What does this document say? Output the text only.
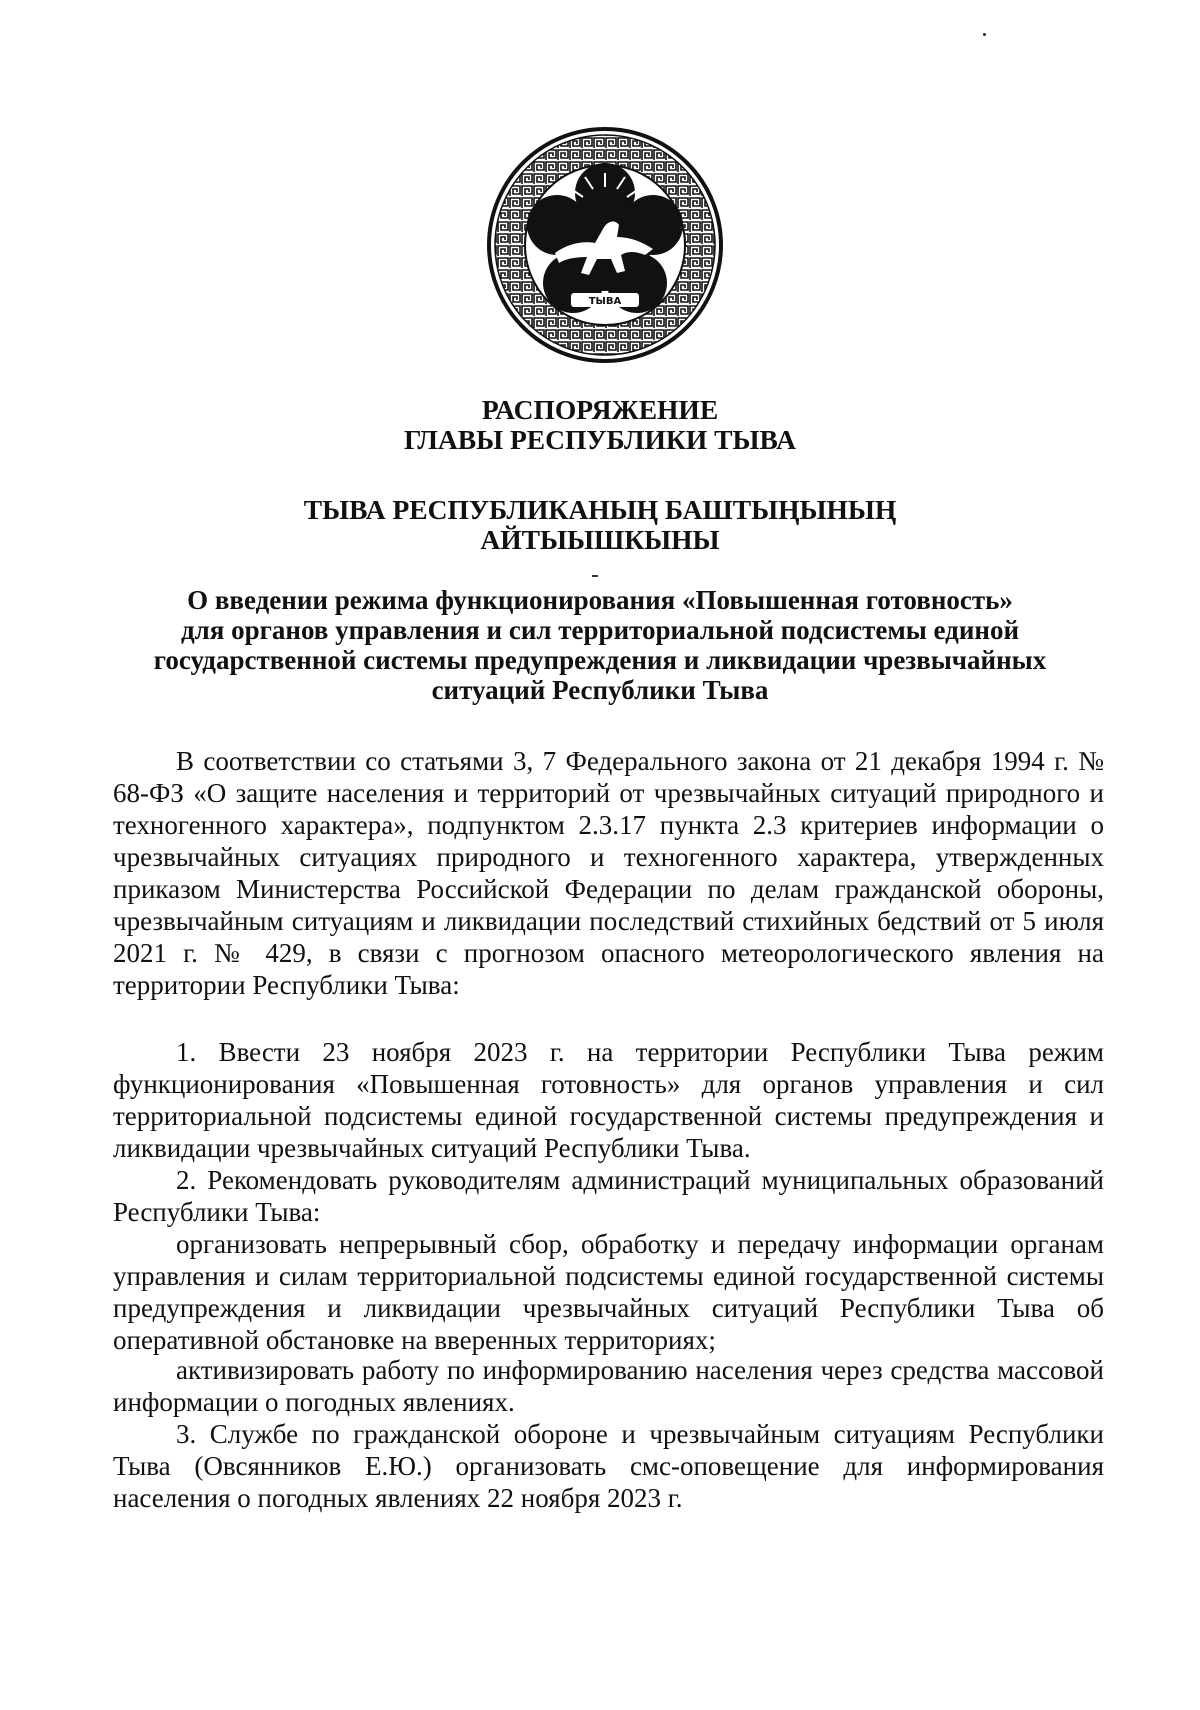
ТЫВА
РАСПОРЯЖЕНИЕ
ГЛАВЫ РЕСПУБЛИКИ ТЫВА
ТЫВА РЕСПУБЛИКАНЫҢ БАШТЫҢЫНЫҢ
АЙТЫЫШКЫНЫ
О введении режима функционирования «Повышенная готовность»
для органов управления и сил территориальной подсистемы единой
государственной системы предупреждения и ликвидации чрезвычайных
ситуаций Республики Тыва

В соответствии со статьями 3, 7 Федерального закона от 21 декабря 1994 г. № 68-ФЗ «О защите населения и территорий от чрезвычайных ситуаций природного и техногенного характера», подпунктом 2.3.17 пункта 2.3 критериев информации о чрезвычайных ситуациях природного и техногенного характера, утвержденных приказом Министерства Российской Федерации по делам гражданской обороны, чрезвычайным ситуациям и ликвидации последствий стихийных бедствий от 5 июля 2021 г. № 429, в связи с прогнозом опасного метеорологического явления на территории Республики Тыва:

1. Ввести 23 ноября 2023 г. на территории Республики Тыва режим функционирования «Повышенная готовность» для органов управления и сил территориальной подсистемы единой государственной системы предупреждения и ликвидации чрезвычайных ситуаций Республики Тыва.

2. Рекомендовать руководителям администраций муниципальных образований Республики Тыва:

организовать непрерывный сбор, обработку и передачу информации органам управления и силам территориальной подсистемы единой государственной системы предупреждения и ликвидации чрезвычайных ситуаций Республики Тыва об оперативной обстановке на вверенных территориях;

активизировать работу по информированию населения через средства массовой информации о погодных явлениях.

3. Службе по гражданской обороне и чрезвычайным ситуациям Республики Тыва (Овсянников Е.Ю.) организовать смс-оповещение для информирования населения о погодных явлениях 22 ноября 2023 г.
